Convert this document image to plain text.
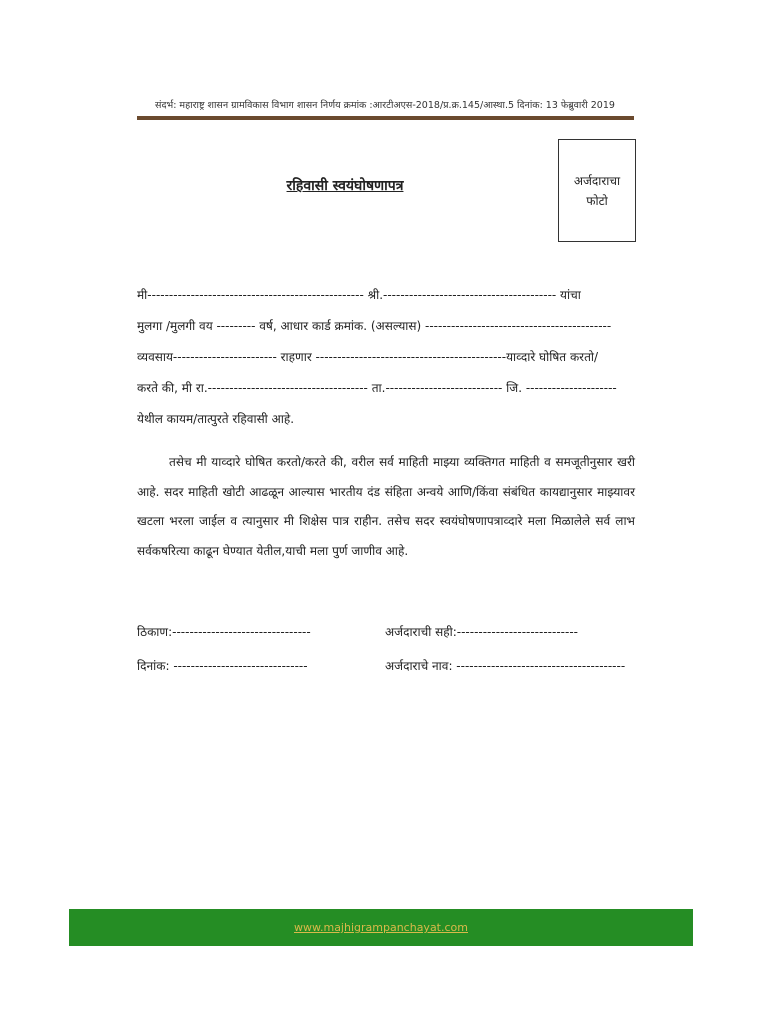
संदर्भ: महाराष्ट्र शासन ग्रामविकास विभाग शासन निर्णय क्रमांक :आरटीअएस-2018/प्र.क्र.145/आस्था.5 दिनांक: 13 फेब्रुवारी 2019
रहिवासी स्वयंघोषणापत्र	अर्जदाराचा
फोटो
मी-------------------------------------------------- श्री.---------------------------------------- यांचा
मुलगा /मुलगी वय --------- वर्ष, आधार कार्ड क्रमांक. (असल्यास) -------------------------------------------
व्यवसाय------------------------ राहणार --------------------------------------------याव्दारे घोषित करतो/
करते की, मी रा.------------------------------------- ता.--------------------------- जि. ---------------------
येथील कायम/तात्पुरते रहिवासी आहे.
तसेच मी याव्दारे घोषित करतो/करते की, वरील सर्व माहिती माझ्या व्यक्तिगत माहिती व समजूतीनुसार खरी आहे. सदर माहिती खोटी आढळून आल्यास भारतीय दंड संहिता अन्वये आणि/किंवा संबंधित कायद्यानुसार माझ्यावर खटला भरला जाईल व त्यानुसार मी शिक्षेस पात्र राहीन. तसेच सदर स्वयंघोषणापत्राव्दारे मला मिळालेले सर्व लाभ सर्वकषरित्या काढून घेण्यात येतील,याची मला पुर्ण जाणीव आहे.
ठिकाण:--------------------------------
दिनांक: -------------------------------
अर्जदाराची सही:----------------------------
अर्जदाराचे नाव: ---------------------------------------
www.majhigrampanchayat.com
